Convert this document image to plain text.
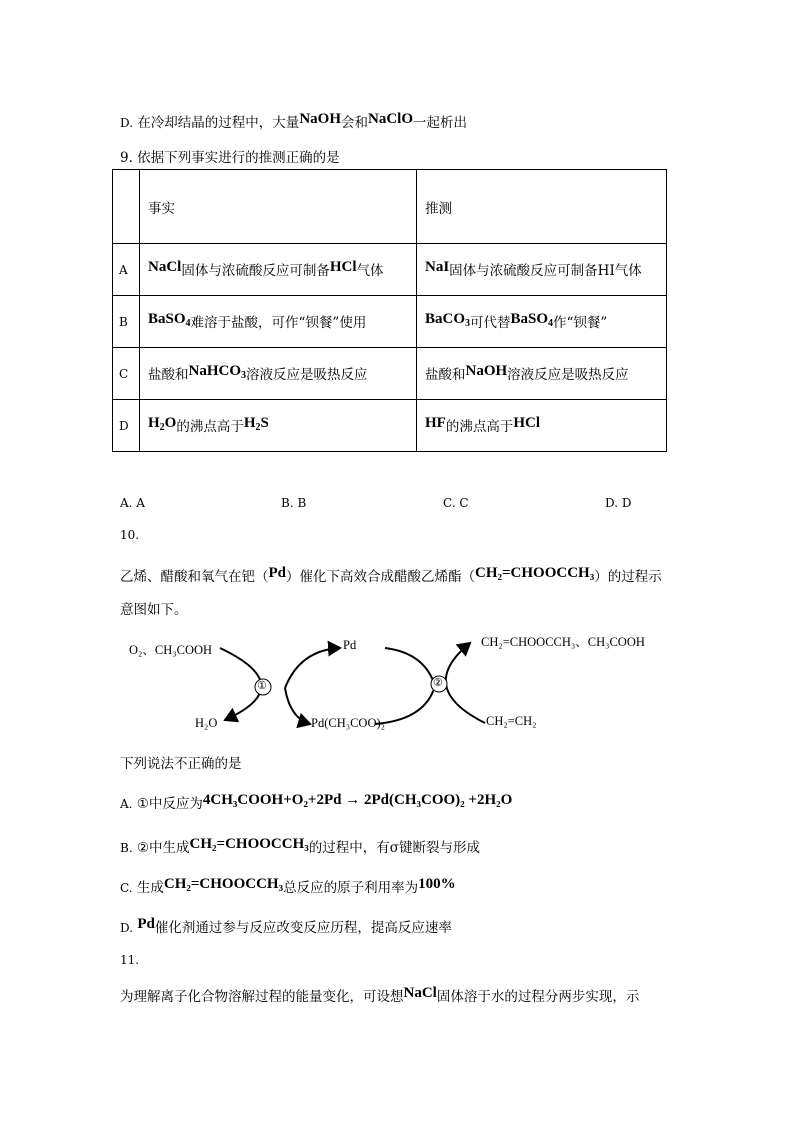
D. 在冷却结晶的过程中，大量NaOH会和NaClO一起析出
9. 依据下列事实进行的推测正确的是
	事实	推测
A	NaCl固体与浓硫酸反应可制备HCl气体	NaI固体与浓硫酸反应可制备HI气体
B	BaSO$_4$难溶于盐酸，可作“钡餐”使用	BaCO$_3$可代替BaSO$_4$作“钡餐”
C	盐酸和NaHCO$_3$溶液反应是吸热反应	盐酸和NaOH溶液反应是吸热反应
D	$H_2O$的沸点高于$H_2S$	HF的沸点高于HCl
A. A	B. B	C. C	D. D
10.
乙烯、醋酸和氧气在钯（Pd）催化下高效合成醋酸乙烯酯（CH₂=CHOOCCH₃）的过程示
意图如下。
O₂、CH₃COOH
H₂O
Pd
Pd(CH₃COO)₂
CH₂=CHOOCCH₃、CH₃COOH
CH₂=CH₂
①	②
下列说法不正确的是
A. ①中反应为4CH₃COOH+O₂+2Pd → 2Pd(CH₃COO)₂ +2H₂O
B. ②中生成CH₂=CHOOCCH₃的过程中，有σ键断裂与形成
C. 生成CH₂=CHOOCCH₃总反应的原子利用率为100%
D. Pd催化剂通过参与反应改变反应历程，提高反应速率
11.
为理解离子化合物溶解过程的能量变化，可设想NaCl固体溶于水的过程分两步实现，示
